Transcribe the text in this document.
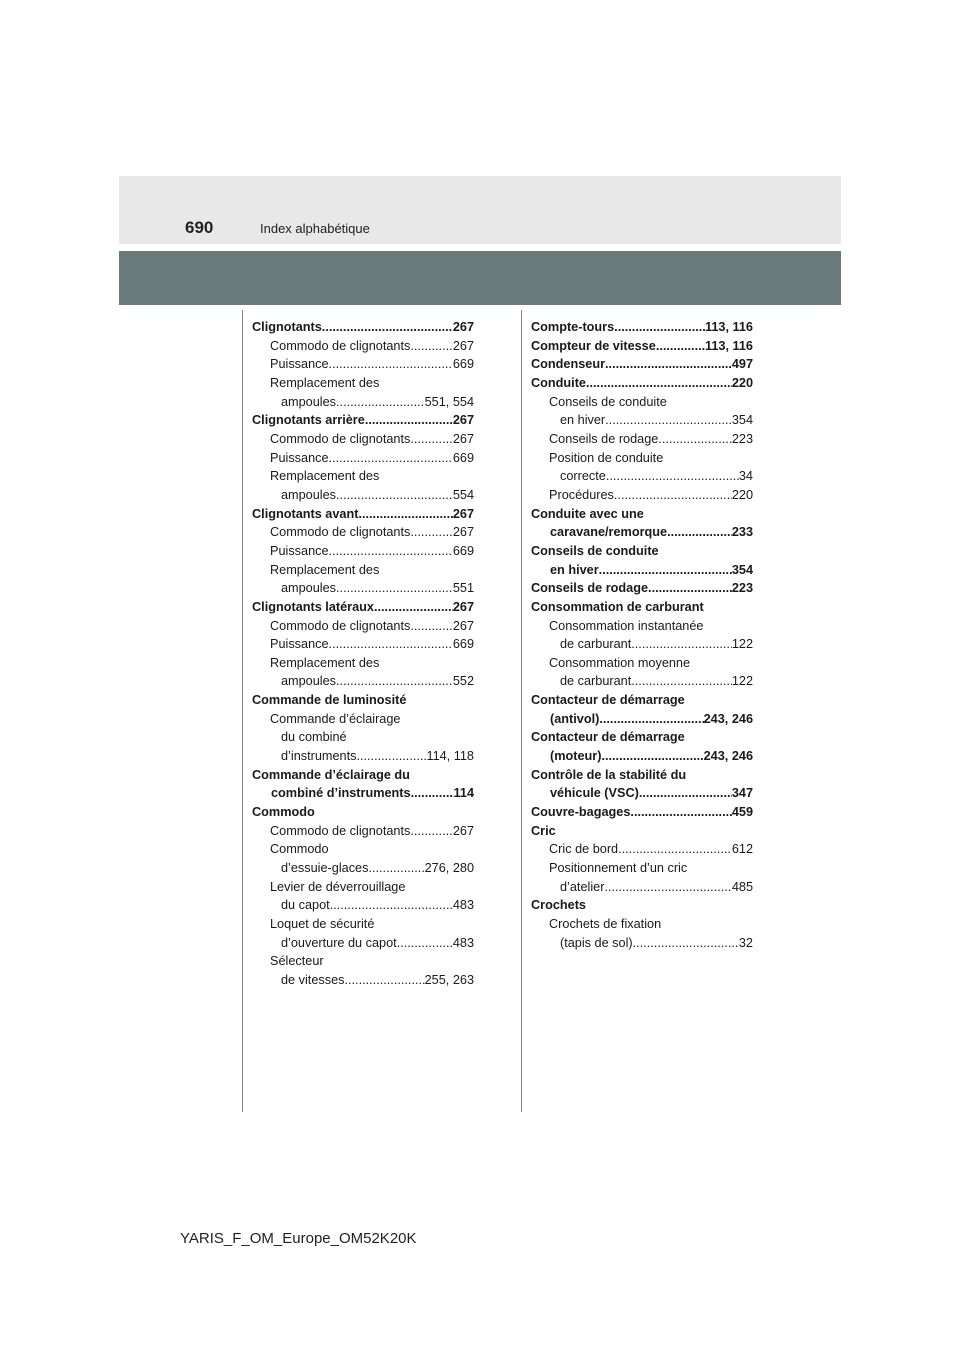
690	Index alphabétique
Clignotants .....	267
Commodo de clignotants .....	267
Puissance .....	669
Remplacement des
ampoules .....	551, 554
Clignotants arrière .....	267
Commodo de clignotants .....	267
Puissance .....	669
Remplacement des
ampoules .....	554
Clignotants avant .....	267
Commodo de clignotants .....	267
Puissance .....	669
Remplacement des
ampoules .....	551
Clignotants latéraux .....	267
Commodo de clignotants .....	267
Puissance .....	669
Remplacement des
ampoules .....	552
Commande de luminosité
Commande d’éclairage
du combiné
d’instruments .....	114, 118
Commande d’éclairage du
combiné d’instruments .....	114
Commodo
Commodo de clignotants .....	267
Commodo
d’essuie-glaces .....	276, 280
Levier de déverrouillage
du capot .....	483
Loquet de sécurité
d’ouverture du capot .....	483
Sélecteur
de vitesses .....	255, 263
Compte-tours .....	113, 116
Compteur de vitesse .....	113, 116
Condenseur .....	497
Conduite .....	220
Conseils de conduite
en hiver .....	354
Conseils de rodage .....	223
Position de conduite
correcte .....	34
Procédures .....	220
Conduite avec une
caravane/remorque .....	233
Conseils de conduite
en hiver .....	354
Conseils de rodage .....	223
Consommation de carburant
Consommation instantanée
de carburant .....	122
Consommation moyenne
de carburant .....	122
Contacteur de démarrage
(antivol) .....	243, 246
Contacteur de démarrage
(moteur) .....	243, 246
Contrôle de la stabilité du
véhicule (VSC) .....	347
Couvre-bagages .....	459
Cric
Cric de bord .....	612
Positionnement d’un cric
d’atelier .....	485
Crochets
Crochets de fixation
(tapis de sol) .....	32
YARIS_F_OM_Europe_OM52K20K
